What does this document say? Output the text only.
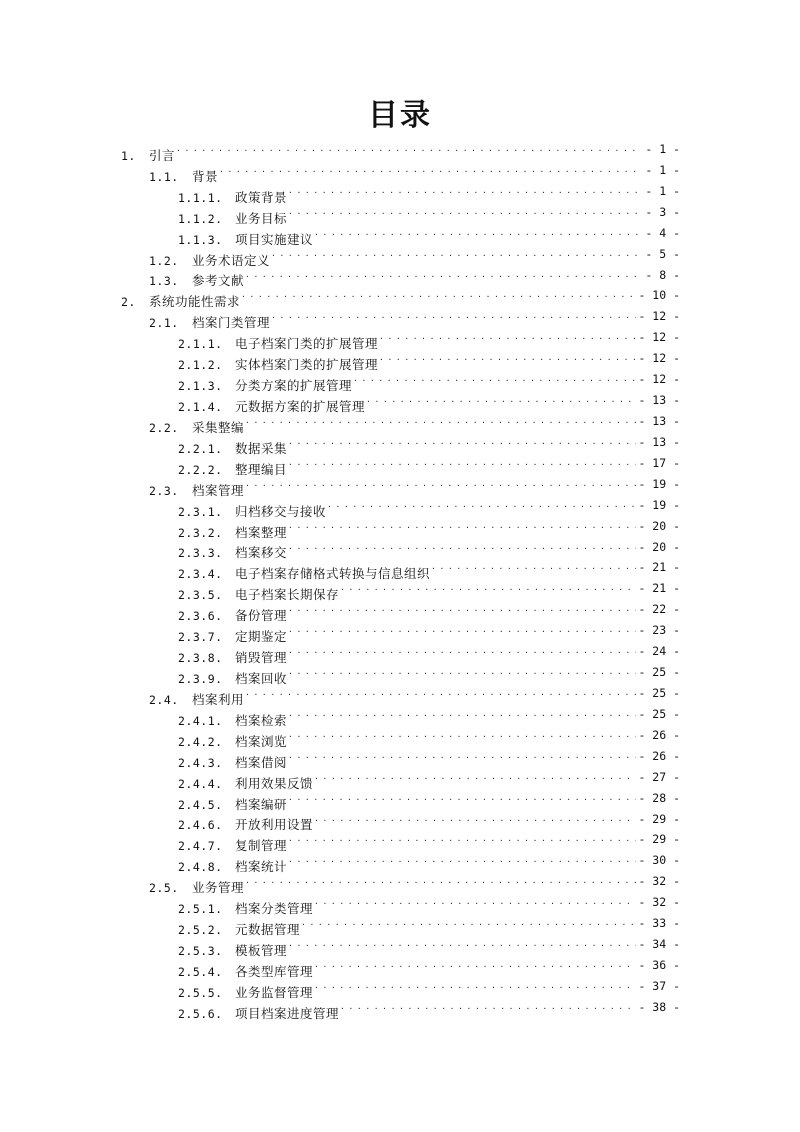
目录
1.	引言 . . .	- 1 -
1.1.	背景 . . .	- 1 -
1.1.1. 政策背景 . . .	- 1 -
1.1.2. 业务目标 . . .	- 3 -
1.1.3. 项目实施建议 . . .	- 4 -
1.2.	业务术语定义 . . .	- 5 -
1.3.	参考文献 . . .	- 8 -
2.	系统功能性需求 . . .	- 10 -
2.1.	档案门类管理 . . .	- 12 -
2.1.1. 电子档案门类的扩展管理 . . .	- 12 -
2.1.2. 实体档案门类的扩展管理 . . .	- 12 -
2.1.3. 分类方案的扩展管理 . . .	- 12 -
2.1.4. 元数据方案的扩展管理 . . .	- 13 -
2.2.	采集整编 . . .	- 13 -
2.2.1. 数据采集 . . .	- 13 -
2.2.2. 整理编目 . . .	- 17 -
2.3.	档案管理 . . .	- 19 -
2.3.1. 归档移交与接收 . . .	- 19 -
2.3.2. 档案整理 . . .	- 20 -
2.3.3. 档案移交 . . .	- 20 -
2.3.4. 电子档案存储格式转换与信息组织 . . .	- 21 -
2.3.5. 电子档案长期保存 . . .	- 21 -
2.3.6. 备份管理 . . .	- 22 -
2.3.7. 定期鉴定 . . .	- 23 -
2.3.8. 销毁管理 . . .	- 24 -
2.3.9. 档案回收 . . .	- 25 -
2.4.	档案利用 . . .	- 25 -
2.4.1. 档案检索 . . .	- 25 -
2.4.2. 档案浏览 . . .	- 26 -
2.4.3. 档案借阅 . . .	- 26 -
2.4.4. 利用效果反馈 . . .	- 27 -
2.4.5. 档案编研 . . .	- 28 -
2.4.6. 开放利用设置 . . .	- 29 -
2.4.7. 复制管理 . . .	- 29 -
2.4.8. 档案统计 . . .	- 30 -
2.5.	业务管理 . . .	- 32 -
2.5.1. 档案分类管理 . . .	- 32 -
2.5.2. 元数据管理 . . .	- 33 -
2.5.3. 模板管理 . . .	- 34 -
2.5.4. 各类型库管理 . . .	- 36 -
2.5.5. 业务监督管理 . . .	- 37 -
2.5.6. 项目档案进度管理 . . .	- 38 -
